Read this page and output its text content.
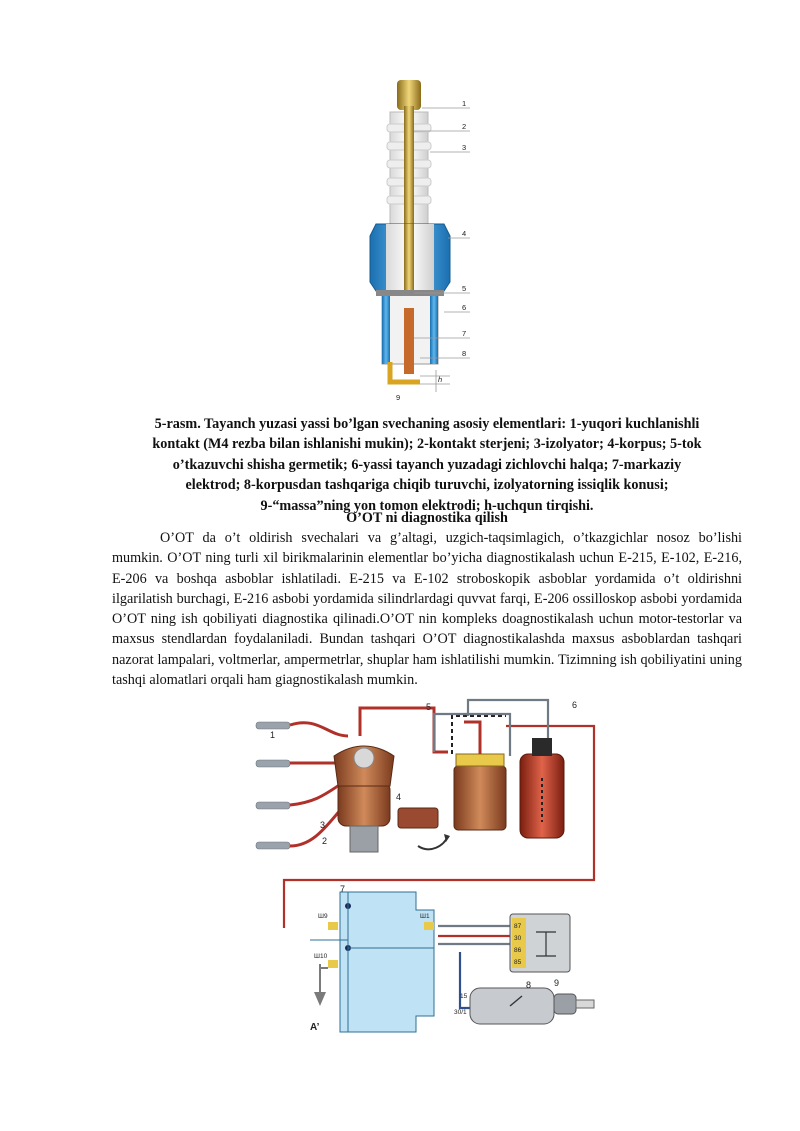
1
2
3
4
5
6
7
8
h
9

5-rasm. Tayanch yuzasi yassi bo’lgan svechaning asosiy elementlari: 1-yuqori kuchlanishli

kontakt (M4 rezba bilan ishlanishi mukin); 2-kontakt sterjeni; 3-izolyator; 4-korpus; 5-tok

o’tkazuvchi shisha germetik; 6-yassi tayanch yuzadagi zichlovchi halqa; 7-markaziy

elektrod; 8-korpusdan tashqariga chiqib turuvchi, izolyatorning issiqlik konusi;

9-“massa”ning yon tomon elektrodi; h-uchqun tirqishi.

O’OT ni diagnostika qilish

O’OT da o’t oldirish svechalari va g’altagi, uzgich-taqsimlagich, o’tkazgichlar nosoz bo’lishi mumkin. O’OT ning turli xil birikmalarinin elementlar bo’yicha diagnostikalash uchun E-215, E-102, E-216, E-206 va boshqa asboblar ishlatiladi. E-215 va E-102 stroboskopik asboblar yordamida o’t oldirishni ilgarilatish burchagi, E-216 asbobi yordamida silindrlardagi quvvat farqi, E-206 ossilloskop asbobi yordamida O’OT ning ish qobiliyati diagnostika qilinadi.O’OT nin kompleks doagnostikalash uchun motor-testorlar va maxsus stendlardan foydalaniladi. Bundan tashqari O’OT diagnostikalashda maxsus asboblardan tashqari nazorat lampalari, voltmerlar, ampermetrlar, shuplar ham ishlatilishi mumkin. Tizimning ish qobiliyatini uning tashqi alomatlari orqali ham giagnostikalash mumkin.

1
2
3
4
5	6
7
8	9
Ш9	Ш1
Ш10
87
30
86
85
15
30/1
A’
